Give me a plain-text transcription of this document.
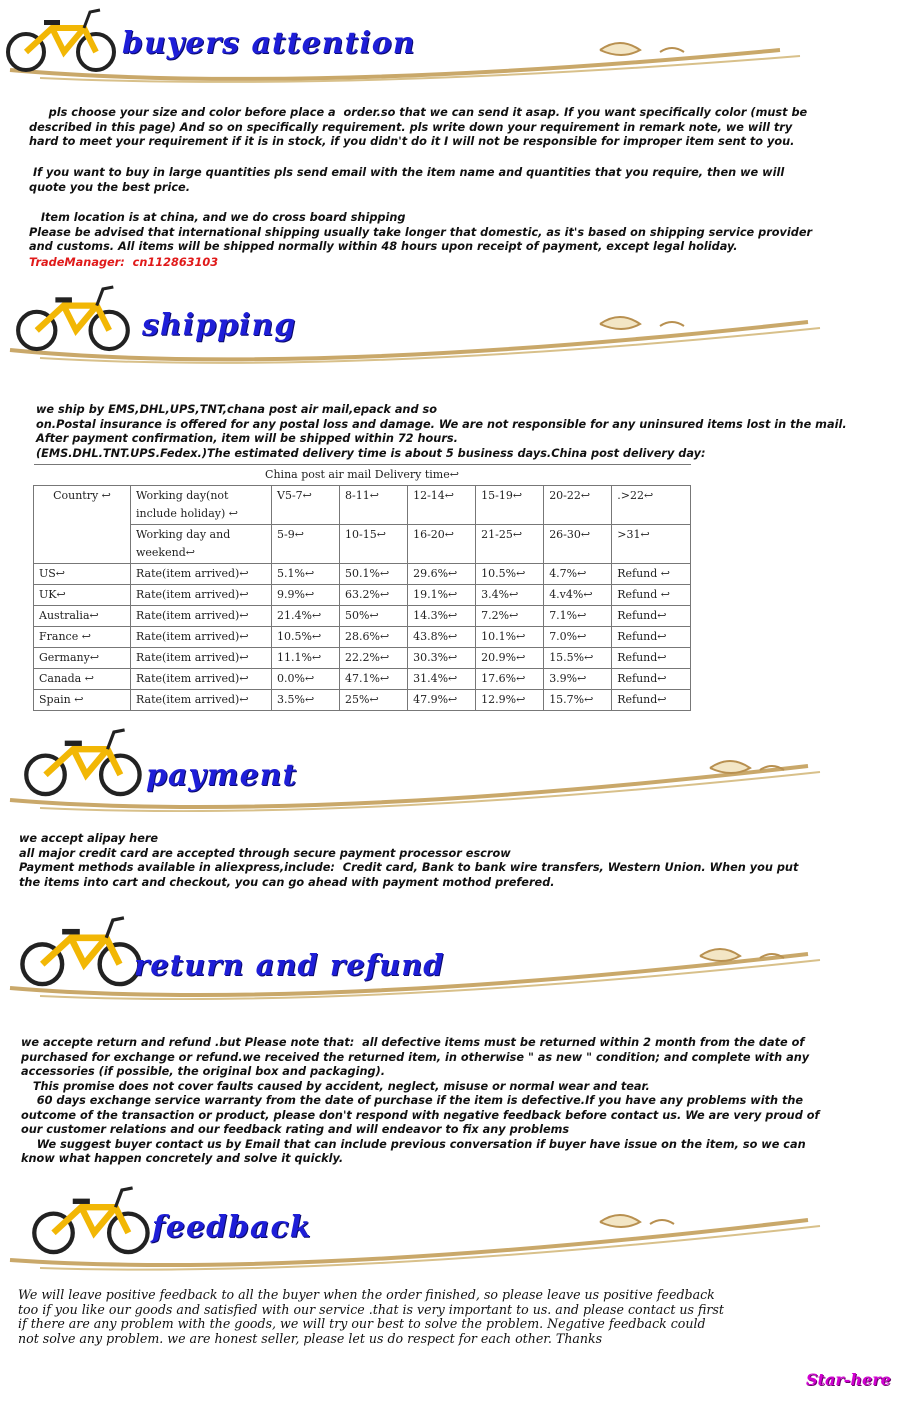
buyers attention

pls choose your size and color before place a  order.so that we can send it asap. If you want specifically color (must be
described in this page) And so on specifically requirement. pls write down your requirement in remark note, we will try
hard to meet your requirement if it is in stock, if you didn't do it I will not be responsible for improper item sent to you.

If you want to buy in large quantities pls send email with the item name and quantities that you require, then we will
quote you the best price.

Item location is at china, and we do cross board shipping
Please be advised that international shipping usually take longer that domestic, as it's based on shipping service provider
and customs. All items will be shipped normally within 48 hours upon receipt of payment, except legal holiday.

TradeManager:  cn112863103

shipping

we ship by EMS,DHL,UPS,TNT,chana post air mail,epack and so
on.Postal insurance is offered for any postal loss and damage. We are not responsible for any uninsured items lost in the mail.
After payment confirmation, item will be shipped within 72 hours.
(EMS.DHL.TNT.UPS.Fedex.)The estimated delivery time is about 5 business days.China post delivery day:

China post air mail Delivery time↩							
Country ↩	Working day(not include holiday) ↩	V5-7↩	8-11↩	12-14↩	15-19↩	20-22↩	.>22↩
	Working day and weekend↩	5-9↩	10-15↩	16-20↩	21-25↩	26-30↩	>31↩
US↩	Rate(item arrived)↩	5.1%↩	50.1%↩	29.6%↩	10.5%↩	4.7%↩	Refund ↩
UK↩	Rate(item arrived)↩	9.9%↩	63.2%↩	19.1%↩	3.4%↩	4.v4%↩	Refund ↩
Australia↩	Rate(item arrived)↩	21.4%↩	50%↩	14.3%↩	7.2%↩	7.1%↩	Refund↩
France ↩	Rate(item arrived)↩	10.5%↩	28.6%↩	43.8%↩	10.1%↩	7.0%↩	Refund↩
Germany↩	Rate(item arrived)↩	11.1%↩	22.2%↩	30.3%↩	20.9%↩	15.5%↩	Refund↩
Canada ↩	Rate(item arrived)↩	0.0%↩	47.1%↩	31.4%↩	17.6%↩	3.9%↩	Refund↩
Spain ↩	Rate(item arrived)↩	3.5%↩	25%↩	47.9%↩	12.9%↩	15.7%↩	Refund↩
payment

we accept alipay here
all major credit card are accepted through secure payment processor escrow
Payment methods available in aliexpress,include:  Credit card, Bank to bank wire transfers, Western Union. When you put
the items into cart and checkout, you can go ahead with payment mothod prefered.

return and refund

we accepte return and refund .but Please note that:  all defective items must be returned within 2 month from the date of
purchased for exchange or refund.we received the returned item, in otherwise " as new " condition; and complete with any
accessories (if possible, the original box and packaging).
This promise does not cover faults caused by accident, neglect, misuse or normal wear and tear.
60 days exchange service warranty from the date of purchase if the item is defective.If you have any problems with the
outcome of the transaction or product, please don't respond with negative feedback before contact us. We are very proud of
our customer relations and our feedback rating and will endeavor to fix any problems
We suggest buyer contact us by Email that can include previous conversation if buyer have issue on the item, so we can
know what happen concretely and solve it quickly.

feedback

We will leave positive feedback to all the buyer when the order finished, so please leave us positive feedback
too if you like our goods and satisfied with our service .that is very important to us. and please contact us first
if there are any problem with the goods, we will try our best to solve the problem. Negative feedback could
not solve any problem. we are honest seller, please let us do respect for each other. Thanks

Star-here
